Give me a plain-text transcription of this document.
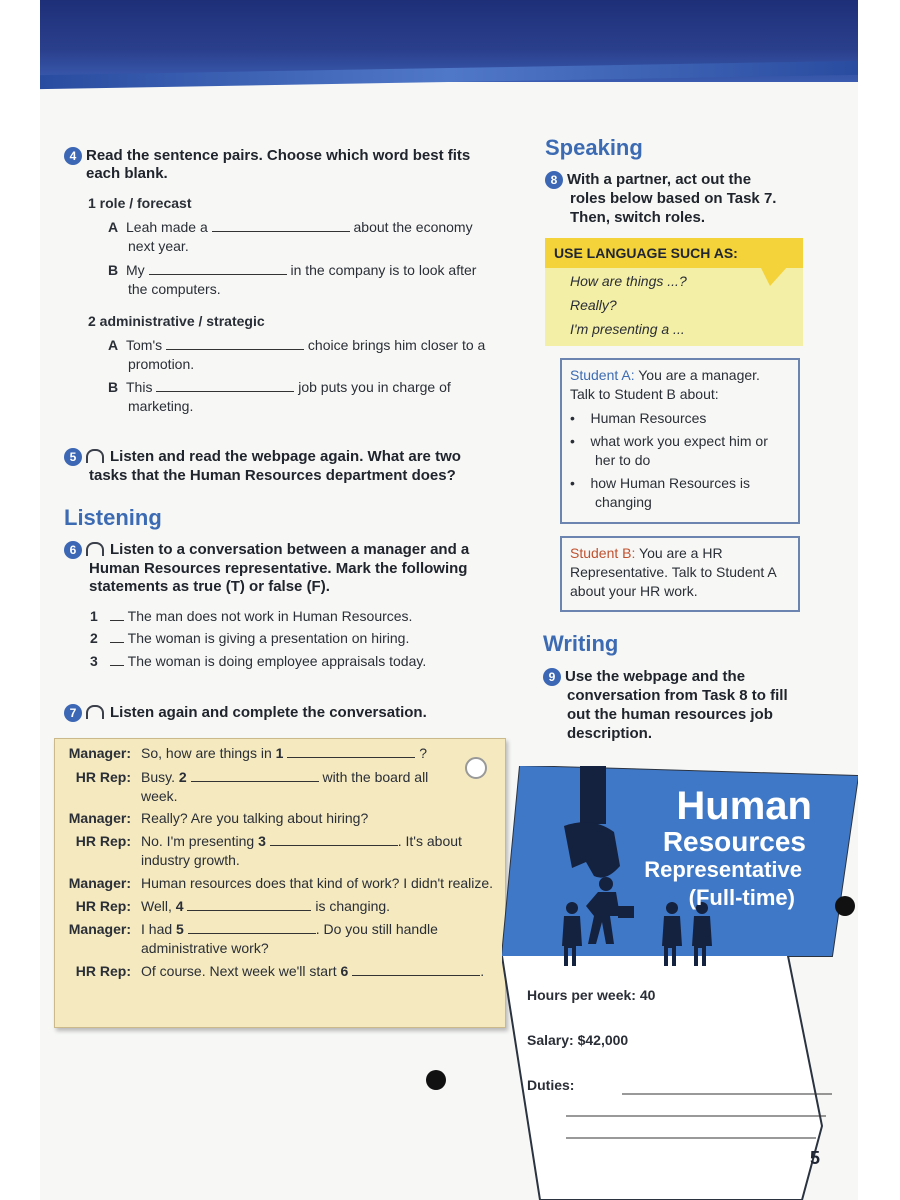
4 Read the sentence pairs. Choose which word best fits
each blank.
1 role / forecast
A Leah made a	about the economy
next year.
B My	in the company is to look after
the computers.
2 administrative / strategic
A Tom's	choice brings him closer to a
promotion.
B This	job puts you in charge of
marketing.
5 Listen and read the webpage again. What are two
tasks that the Human Resources department does?
Listening
6 Listen to a conversation between a manager and a
Human Resources representative. Mark the following
statements as true (T) or false (F).
1 The man does not work in Human Resources.
2 The woman is giving a presentation on hiring.
3 The woman is doing employee appraisals today.
7 Listen again and complete the conversation.
Manager: So, how are things in 1	?
HR Rep: Busy. 2	with the board all
week.
Manager: Really? Are you talking about hiring?
HR Rep: No. I'm presenting 3	. It's about
industry growth.
Manager: Human resources does that kind of work? I didn't realize.
HR Rep: Well, 4	is changing.
Manager: I had 5	. Do you still handle
administrative work?
HR Rep: Of course. Next week we'll start 6	.
Speaking
8 With a partner, act out the
roles below based on Task 7.
Then, switch roles.
USE LANGUAGE SUCH AS:
How are things ...?
Really?
I'm presenting a ...
Student A: You are a manager.
Talk to Student B about:
•    Human Resources
•    what work you expect him or
her to do
•    how Human Resources is
changing
Student B: You are a HR
Representative. Talk to Student A
about your HR work.
Writing
9 Use the webpage and the
conversation from Task 8 to fill
out the human resources job
description.
Human
Resources
Representative
(Full-time)
Hours per week: 40
Salary: $42,000
Duties:
5
